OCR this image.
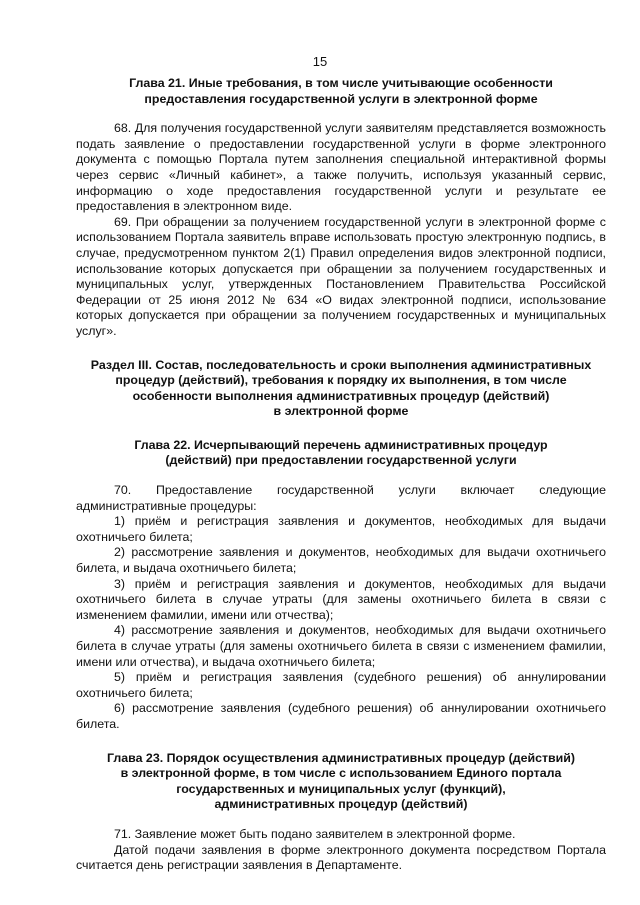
15
Глава 21. Иные требования, в том числе учитывающие особенности
предоставления государственной услуги в электронной форме

68. Для получения государственной услуги заявителям представляется возможность подать заявление о предоставлении государственной услуги в форме электронного документа с помощью Портала путем заполнения специальной интерактивной формы через сервис «Личный кабинет», а также получить, используя указанный сервис, информацию о ходе предоставления государственной услуги и результате ее предоставления в электронном виде.

69. При обращении за получением государственной услуги в электронной форме с использованием Портала заявитель вправе использовать простую электронную подпись, в случае, предусмотренном пунктом 2(1) Правил определения видов электронной подписи, использование которых допускается при обращении за получением государственных и муниципальных услуг, утвержденных Постановлением Правительства Российской Федерации от 25 июня 2012 № 634 «О видах электронной подписи, использование которых допускается при обращении за получением государственных и муниципальных услуг».

Раздел III. Состав, последовательность и сроки выполнения административных
процедур (действий), требования к порядку их выполнения, в том числе
особенности выполнения административных процедур (действий)
в электронной форме
Глава 22. Исчерпывающий перечень административных процедур
(действий) при предоставлении государственной услуги

70. Предоставление государственной услуги включает следующие административные процедуры:

1) приём и регистрация заявления и документов, необходимых для выдачи охотничьего билета;

2) рассмотрение заявления и документов, необходимых для выдачи охотничьего билета, и выдача охотничьего билета;

3) приём и регистрация заявления и документов, необходимых для выдачи охотничьего билета в случае утраты (для замены охотничьего билета в связи с изменением фамилии, имени или отчества);

4) рассмотрение заявления и документов, необходимых для выдачи охотничьего билета в случае утраты (для замены охотничьего билета в связи с изменением фамилии, имени или отчества), и выдача охотничьего билета;

5) приём и регистрация заявления (судебного решения) об аннулировании охотничьего билета;

6) рассмотрение заявления (судебного решения) об аннулировании охотничьего билета.

Глава 23. Порядок осуществления административных процедур (действий)
в электронной форме, в том числе с использованием Единого портала
государственных и муниципальных услуг (функций),
административных процедур (действий)

71. Заявление может быть подано заявителем в электронной форме.

Датой подачи заявления в форме электронного документа посредством Портала считается день регистрации заявления в Департаменте.
